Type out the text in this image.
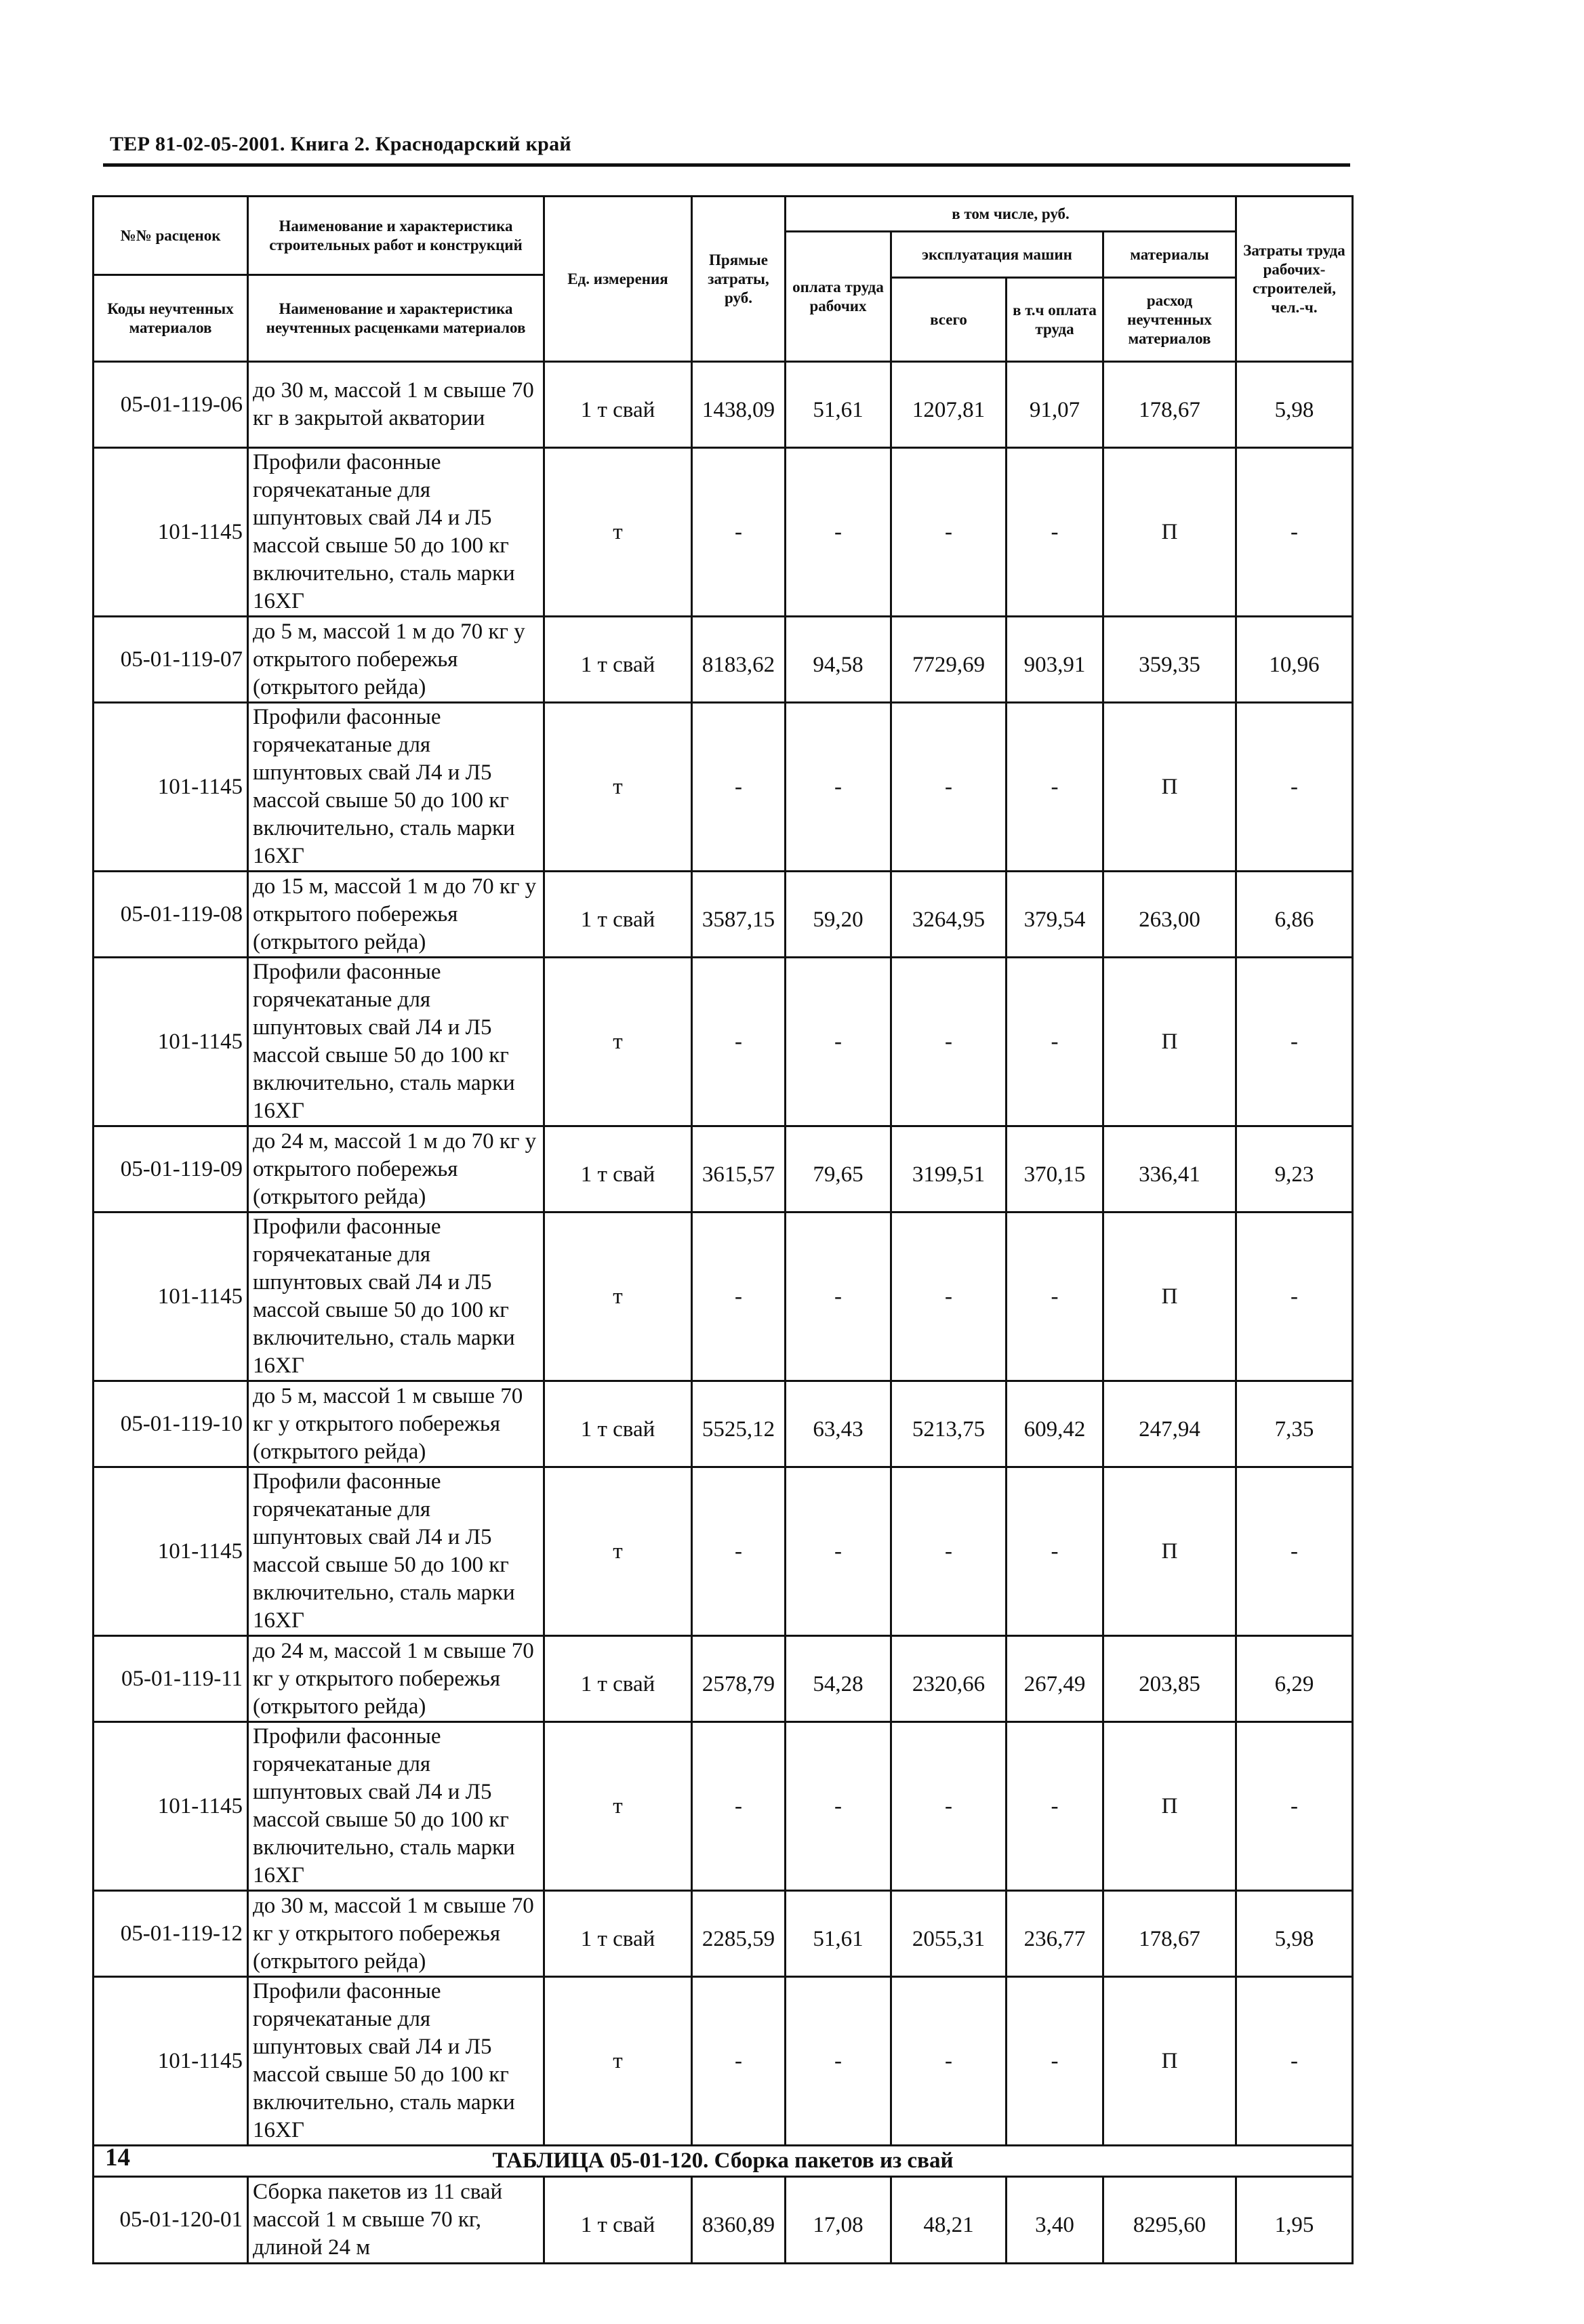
ТЕР 81-02-05-2001. Книга 2. Краснодарский край
№№ расценок	Наименование и характеристика строительных работ и конструкций	Ед. измерения	Прямые затраты, руб.	в том числе, руб.				Затраты труда рабочих-строителей, чел.-ч.
				оплата труда рабочих	эксплуатация машин		материалы	
Коды неучтенных материалов	Наименование и характеристика неучтенных расценками материалов							
					всего	в т.ч оплата труда	расход неучтенных материалов	
05-01-119-06	до 30 м, массой 1 м свыше 70 кг в закрытой акватории	1 т свай	1438,09	51,61	1207,81	91,07	178,67	5,98
101-1145	Профили фасонные горячекатаные для шпунтовых свай Л4 и Л5 массой свыше 50 до 100 кг включительно, сталь марки 16ХГ	т	-	-	-	-	П	-
05-01-119-07	до 5 м, массой 1 м до 70 кг у открытого побережья (открытого рейда)	1 т свай	8183,62	94,58	7729,69	903,91	359,35	10,96
101-1145	Профили фасонные горячекатаные для шпунтовых свай Л4 и Л5 массой свыше 50 до 100 кг включительно, сталь марки 16ХГ	т	-	-	-	-	П	-
05-01-119-08	до 15 м, массой 1 м до 70 кг у открытого побережья (открытого рейда)	1 т свай	3587,15	59,20	3264,95	379,54	263,00	6,86
101-1145	Профили фасонные горячекатаные для шпунтовых свай Л4 и Л5 массой свыше 50 до 100 кг включительно, сталь марки 16ХГ	т	-	-	-	-	П	-
05-01-119-09	до 24 м, массой 1 м до 70 кг у открытого побережья (открытого рейда)	1 т свай	3615,57	79,65	3199,51	370,15	336,41	9,23
101-1145	Профили фасонные горячекатаные для шпунтовых свай Л4 и Л5 массой свыше 50 до 100 кг включительно, сталь марки 16ХГ	т	-	-	-	-	П	-
05-01-119-10	до 5 м, массой 1 м свыше 70 кг у открытого побережья (открытого рейда)	1 т свай	5525,12	63,43	5213,75	609,42	247,94	7,35
101-1145	Профили фасонные горячекатаные для шпунтовых свай Л4 и Л5 массой свыше 50 до 100 кг включительно, сталь марки 16ХГ	т	-	-	-	-	П	-
05-01-119-11	до 24 м, массой 1 м свыше 70 кг у открытого побережья (открытого рейда)	1 т свай	2578,79	54,28	2320,66	267,49	203,85	6,29
101-1145	Профили фасонные горячекатаные для шпунтовых свай Л4 и Л5 массой свыше 50 до 100 кг включительно, сталь марки 16ХГ	т	-	-	-	-	П	-
05-01-119-12	до 30 м, массой 1 м свыше 70 кг у открытого побережья (открытого рейда)	1 т свай	2285,59	51,61	2055,31	236,77	178,67	5,98
101-1145	Профили фасонные горячекатаные для шпунтовых свай Л4 и Л5 массой свыше 50 до 100 кг включительно, сталь марки 16ХГ	т	-	-	-	-	П	-
ТАБЛИЦА 05-01-120. Сборка пакетов из свай								
05-01-120-01	Сборка пакетов из 11 свай массой 1 м свыше 70 кг, длиной 24 м	1 т свай	8360,89	17,08	48,21	3,40	8295,60	1,95
14
